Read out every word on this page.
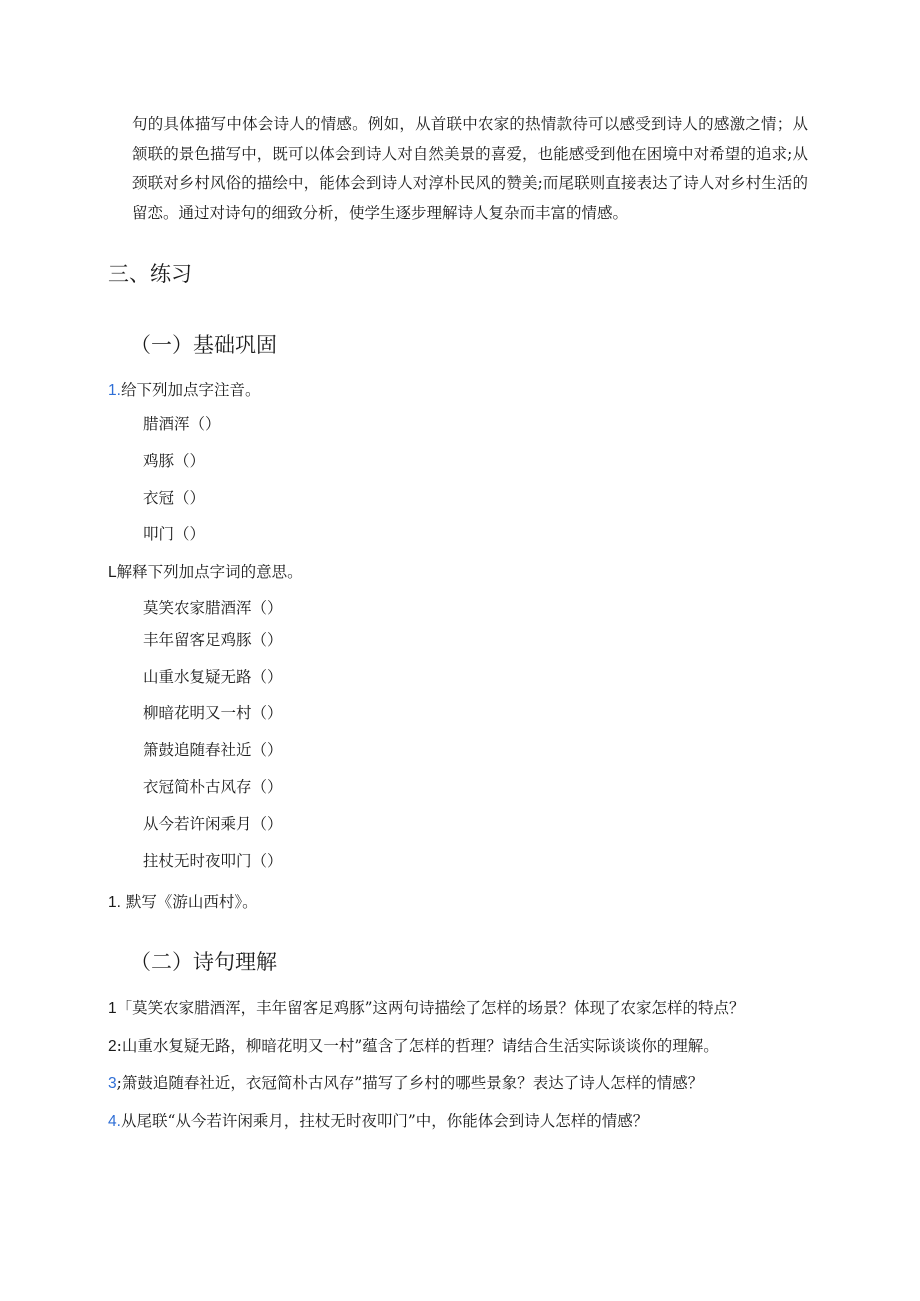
句的具体描写中体会诗人的情感。例如，从首联中农家的热情款待可以感受到诗人的感激之情；从颔联的景色描写中，既可以体会到诗人对自然美景的喜爱，也能感受到他在困境中对希望的追求;从颈联对乡村风俗的描绘中，能体会到诗人对淳朴民风的赞美;而尾联则直接表达了诗人对乡村生活的留恋。通过对诗句的细致分析，使学生逐步理解诗人复杂而丰富的情感。

三、练习
（一）基础巩固

1.给下列加点字注音。

腊酒浑（）

鸡豚（）

衣冠（）

叩门（）

L解释下列加点字词的意思。

莫笑农家腊酒浑（）

丰年留客足鸡豚（）

山重水复疑无路（）

柳暗花明又一村（）

箫鼓追随春社近（）

衣冠简朴古风存（）

从今若许闲乘月（）

拄杖无时夜叩门（）

1. 默写《游山西村》。

（二）诗句理解

1「莫笑农家腊酒浑，丰年留客足鸡豚”这两句诗描绘了怎样的场景？体现了农家怎样的特点？

2:山重水复疑无路，柳暗花明又一村”蕴含了怎样的哲理？请结合生活实际谈谈你的理解。

3;箫鼓追随春社近，衣冠简朴古风存”描写了乡村的哪些景象？表达了诗人怎样的情感？

4.从尾联“从今若许闲乘月，拄杖无时夜叩门”中，你能体会到诗人怎样的情感？
